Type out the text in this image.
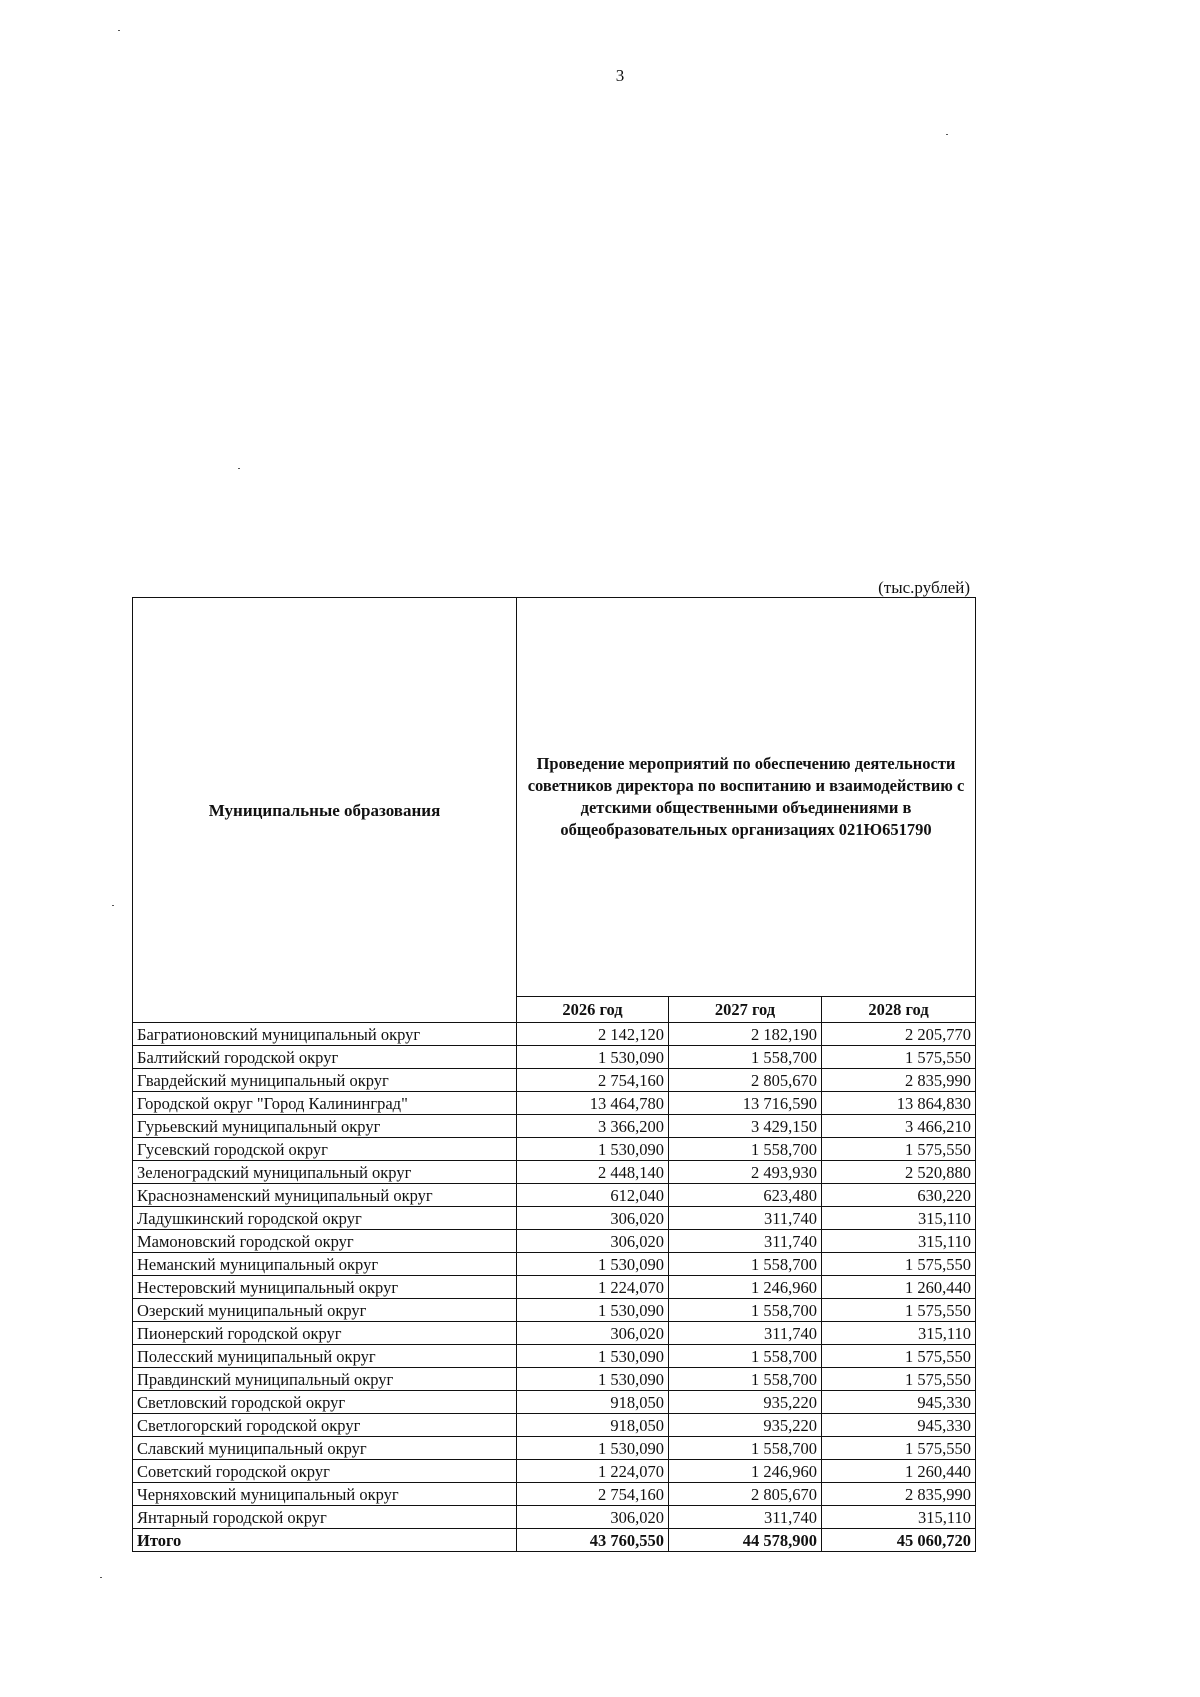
3
(тыс.рублей)
Муниципальные образования	Проведение мероприятий по обеспечению деятельности советников директора по воспитанию и взаимодействию с детскими общественными объединениями в общеобразовательных организациях 021Ю651790		
	2026 год	2027 год	2028 год
Багратионовский муниципальный округ	2 142,120	2 182,190	2 205,770
Балтийский городской округ	1 530,090	1 558,700	1 575,550
Гвардейский муниципальный округ	2 754,160	2 805,670	2 835,990
Городской округ "Город Калининград"	13 464,780	13 716,590	13 864,830
Гурьевский муниципальный округ	3 366,200	3 429,150	3 466,210
Гусевский городской округ	1 530,090	1 558,700	1 575,550
Зеленоградский муниципальный округ	2 448,140	2 493,930	2 520,880
Краснознаменский муниципальный округ	612,040	623,480	630,220
Ладушкинский городской округ	306,020	311,740	315,110
Мамоновский городской округ	306,020	311,740	315,110
Неманский муниципальный округ	1 530,090	1 558,700	1 575,550
Нестеровский муниципальный округ	1 224,070	1 246,960	1 260,440
Озерский муниципальный округ	1 530,090	1 558,700	1 575,550
Пионерский городской округ	306,020	311,740	315,110
Полесский муниципальный округ	1 530,090	1 558,700	1 575,550
Правдинский муниципальный округ	1 530,090	1 558,700	1 575,550
Светловский городской округ	918,050	935,220	945,330
Светлогорский городской округ	918,050	935,220	945,330
Славский муниципальный округ	1 530,090	1 558,700	1 575,550
Советский городской округ	1 224,070	1 246,960	1 260,440
Черняховский муниципальный округ	2 754,160	2 805,670	2 835,990
Янтарный городской округ	306,020	311,740	315,110
Итого	43 760,550	44 578,900	45 060,720
